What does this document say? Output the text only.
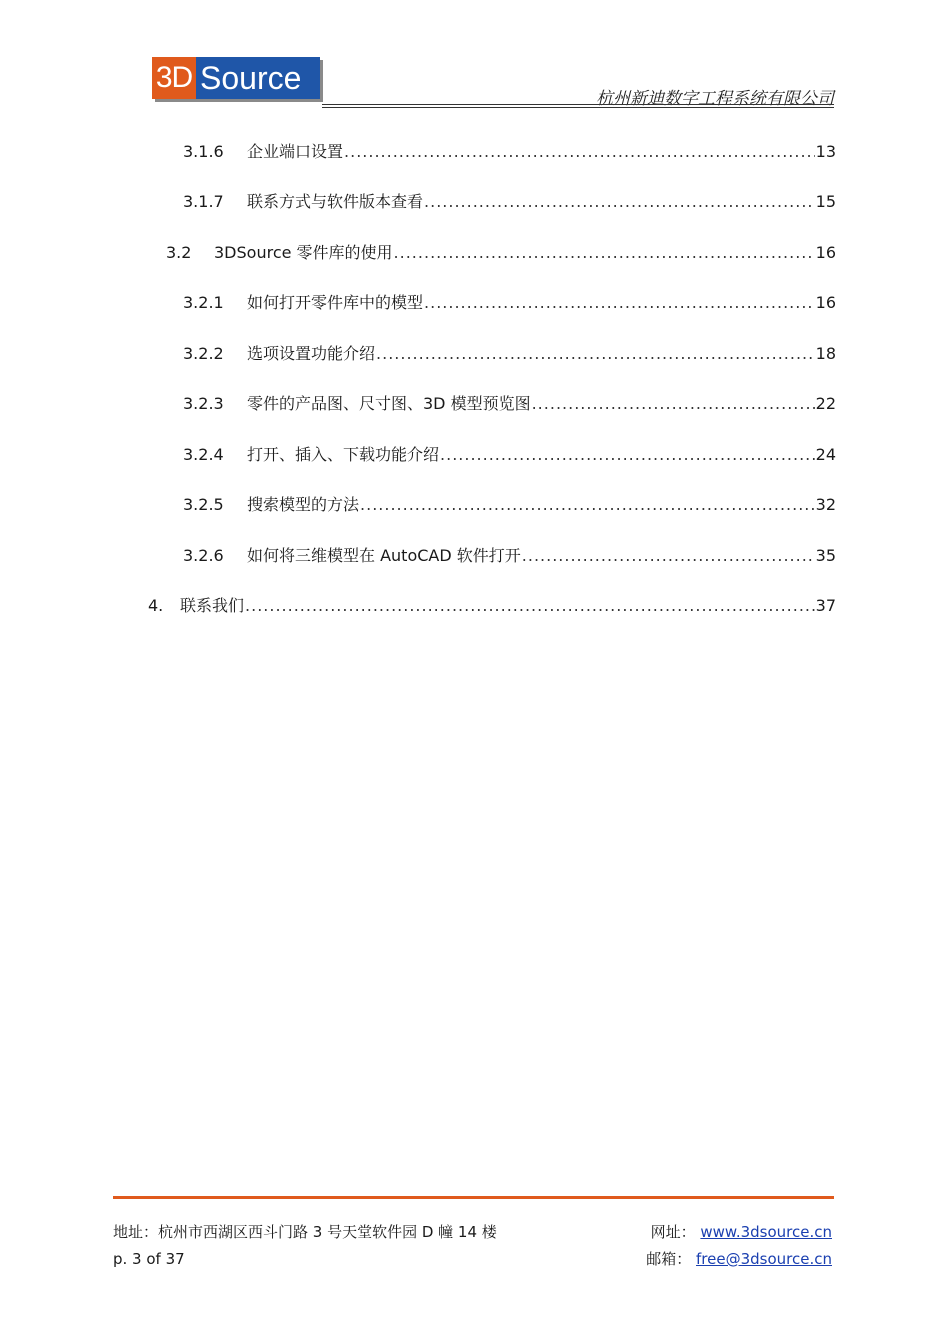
3D Source
杭州新迪数字工程系统有限公司
3.1.6	企业端口设置 .....	13
3.1.7	联系方式与软件版本查看 .....	15
3.2	3DSource 零件库的使用 .....	16
3.2.1	如何打开零件库中的模型 .....	16
3.2.2	选项设置功能介绍 .....	18
3.2.3	零件的产品图、尺寸图、3D 模型预览图 .....	22
3.2.4	打开、插入、下载功能介绍 .....	24
3.2.5	搜索模型的方法 .....	32
3.2.6	如何将三维模型在 AutoCAD 软件打开 .....	35
4.	联系我们 .....	37
地址：杭州市西湖区西斗门路 3 号天堂软件园 D 幢 14 楼
p. 3 of 37
网址： www.3dsource.cn
邮箱： free@3dsource.cn
